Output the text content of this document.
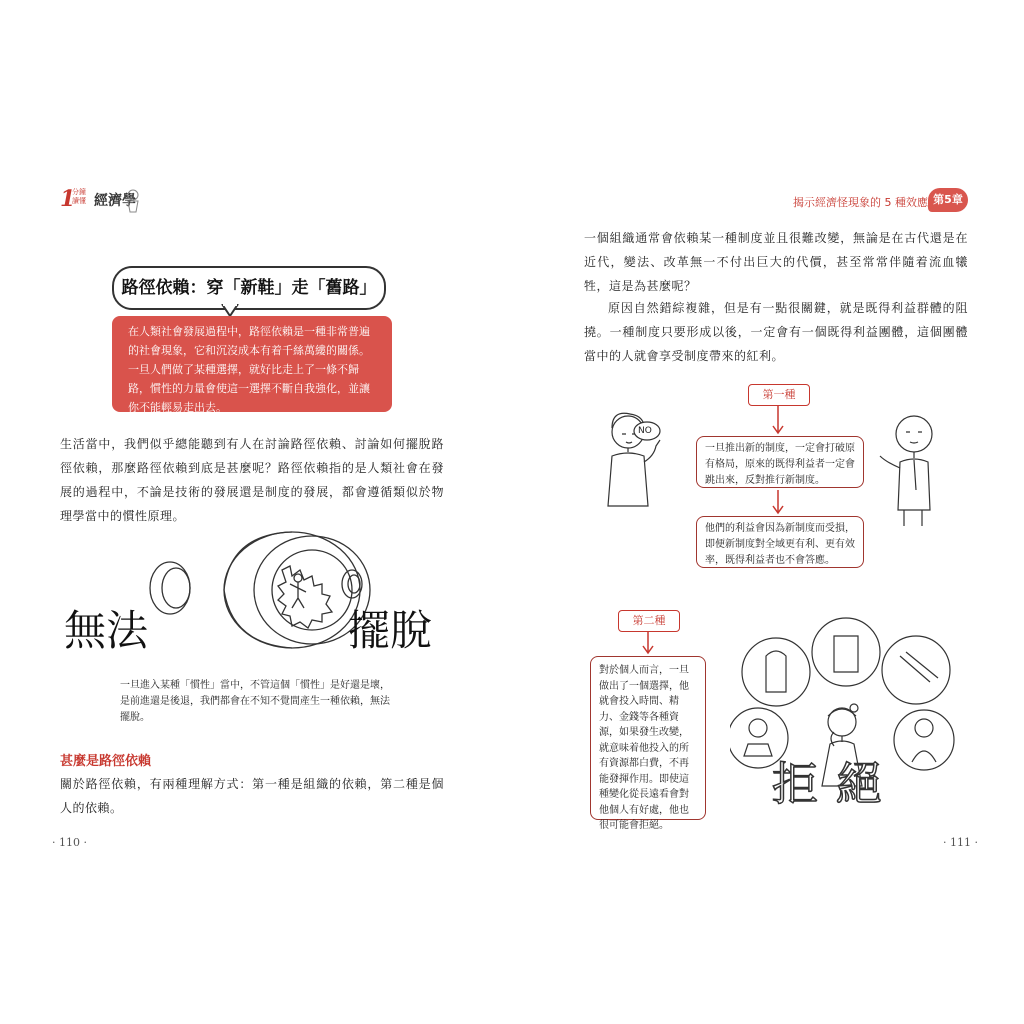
1
分鐘
讀懂 經濟學	揭示經濟怪現象的 5 種效應 第5章
路徑依賴：穿「新鞋」走「舊路」
在人類社會發展過程中，路徑依賴是一種非常普遍的社會現象，它和沉沒成本有着千絲萬縷的關係。一旦人們做了某種選擇，就好比走上了一條不歸路，慣性的力量會使這一選擇不斷自我強化，並讓你不能輕易走出去。
生活當中，我們似乎總能聽到有人在討論路徑依賴、討論如何擺脫路徑依賴，那麼路徑依賴到底是甚麼呢？路徑依賴指的是人類社會在發展的過程中，不論是技術的發展還是制度的發展，都會遵循類似於物理學當中的慣性原理。
無法	擺脫
一旦進入某種「慣性」當中，不管這個「慣性」是好還是壞，是前進還是後退，我們都會在不知不覺間產生一種依賴，無法擺脫。
甚麼是路徑依賴
關於路徑依賴，有兩種理解方式：第一種是組織的依賴，第二種是個人的依賴。
· 110 ·
一個組織通常會依賴某一種制度並且很難改變，無論是在古代還是在近代，變法、改革無一不付出巨大的代價，甚至常常伴隨着流血犧牲，這是為甚麼呢？
原因自然錯綜複雜，但是有一點很關鍵，就是既得利益群體的阻撓。一種制度只要形成以後，一定會有一個既得利益團體，這個團體當中的人就會享受制度帶來的紅利。
第一種
一旦推出新的制度，一定會打破原有格局，原來的既得利益者一定會跳出來，反對推行新制度。
他們的利益會因為新制度而受損，即便新制度對全域更有利、更有效率，既得利益者也不會答應。
NO
第二種
對於個人而言，一旦做出了一個選擇，他就會投入時間、精力、金錢等各種資源，如果發生改變，就意味着他投入的所有資源都白費，不再能發揮作用。即使這種變化從長遠看會對他個人有好處，他也很可能會拒絕。
拒絕
· 111 ·
